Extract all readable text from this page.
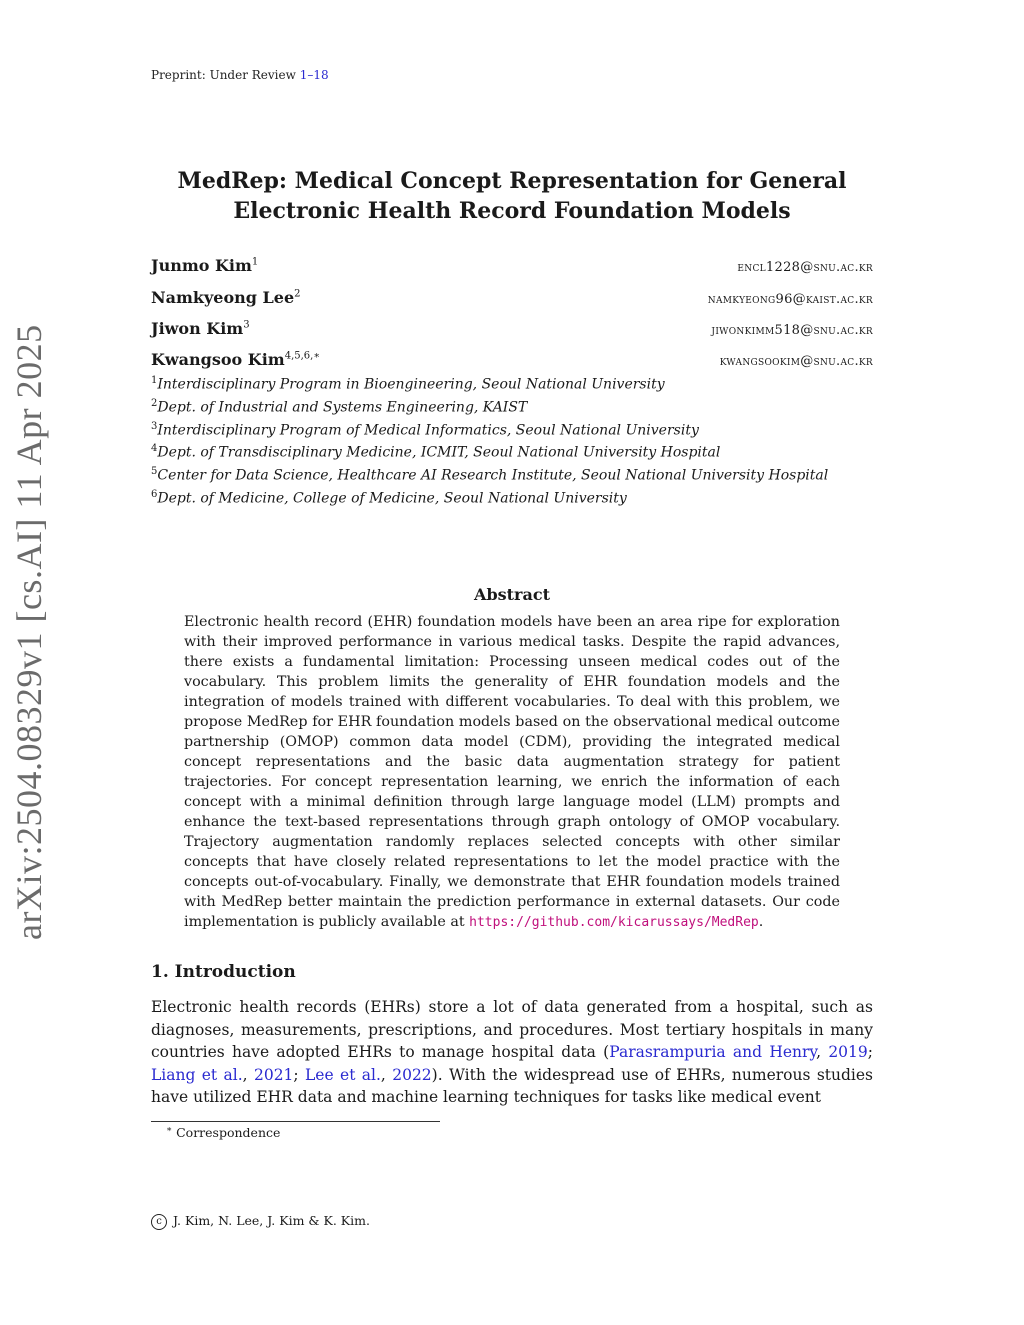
Preprint: Under Review 1–18
MedRep: Medical Concept Representation for General
Electronic Health Record Foundation Models
Junmo Kim$^1$	encl1228@snu.ac.kr
Namkyeong Lee$^2$	namkyeong96@kaist.ac.kr
Jiwon Kim$^3$	jiwonkimm518@snu.ac.kr
Kwangsoo Kim$^{4,5,6,∗}$	kwangsookim@snu.ac.kr
$^1$Interdisciplinary Program in Bioengineering, Seoul National University
$^2$Dept. of Industrial and Systems Engineering, KAIST
$^3$Interdisciplinary Program of Medical Informatics, Seoul National University
$^4$Dept. of Transdisciplinary Medicine, ICMIT, Seoul National University Hospital
$^5$Center for Data Science, Healthcare AI Research Institute, Seoul National University Hospital
$^6$Dept. of Medicine, College of Medicine, Seoul National University
arXiv:2504.08329v1 [cs.AI] 11 Apr 2025	Abstract
Electronic health record (EHR) foundation models have been an area ripe for exploration with their improved performance in various medical tasks. Despite the rapid advances, there exists a fundamental limitation: Processing unseen medical codes out of the vocabulary. This problem limits the generality of EHR foundation models and the integration of models trained with different vocabularies. To deal with this problem, we propose MedRep for EHR foundation models based on the observational medical outcome partnership (OMOP) common data model (CDM), providing the integrated medical concept representations and the basic data augmentation strategy for patient trajectories. For concept representation learning, we enrich the information of each concept with a minimal definition through large language model (LLM) prompts and enhance the text-based representations through graph ontology of OMOP vocabulary. Trajectory augmentation randomly replaces selected concepts with other similar concepts that have closely related representations to let the model practice with the concepts out-of-vocabulary. Finally, we demonstrate that EHR foundation models trained with MedRep better maintain the prediction performance in external datasets. Our code implementation is publicly available at https://github.com/kicarussays/MedRep.
1. Introduction
Electronic health records (EHRs) store a lot of data generated from a hospital, such as diagnoses, measurements, prescriptions, and procedures. Most tertiary hospitals in many countries have adopted EHRs to manage hospital data (Parasrampuria and Henry, 2019; Liang et al., 2021; Lee et al., 2022). With the widespread use of EHRs, numerous studies have utilized EHR data and machine learning techniques for tasks like medical event
∗ Correspondence
c J. Kim, N. Lee, J. Kim & K. Kim.
